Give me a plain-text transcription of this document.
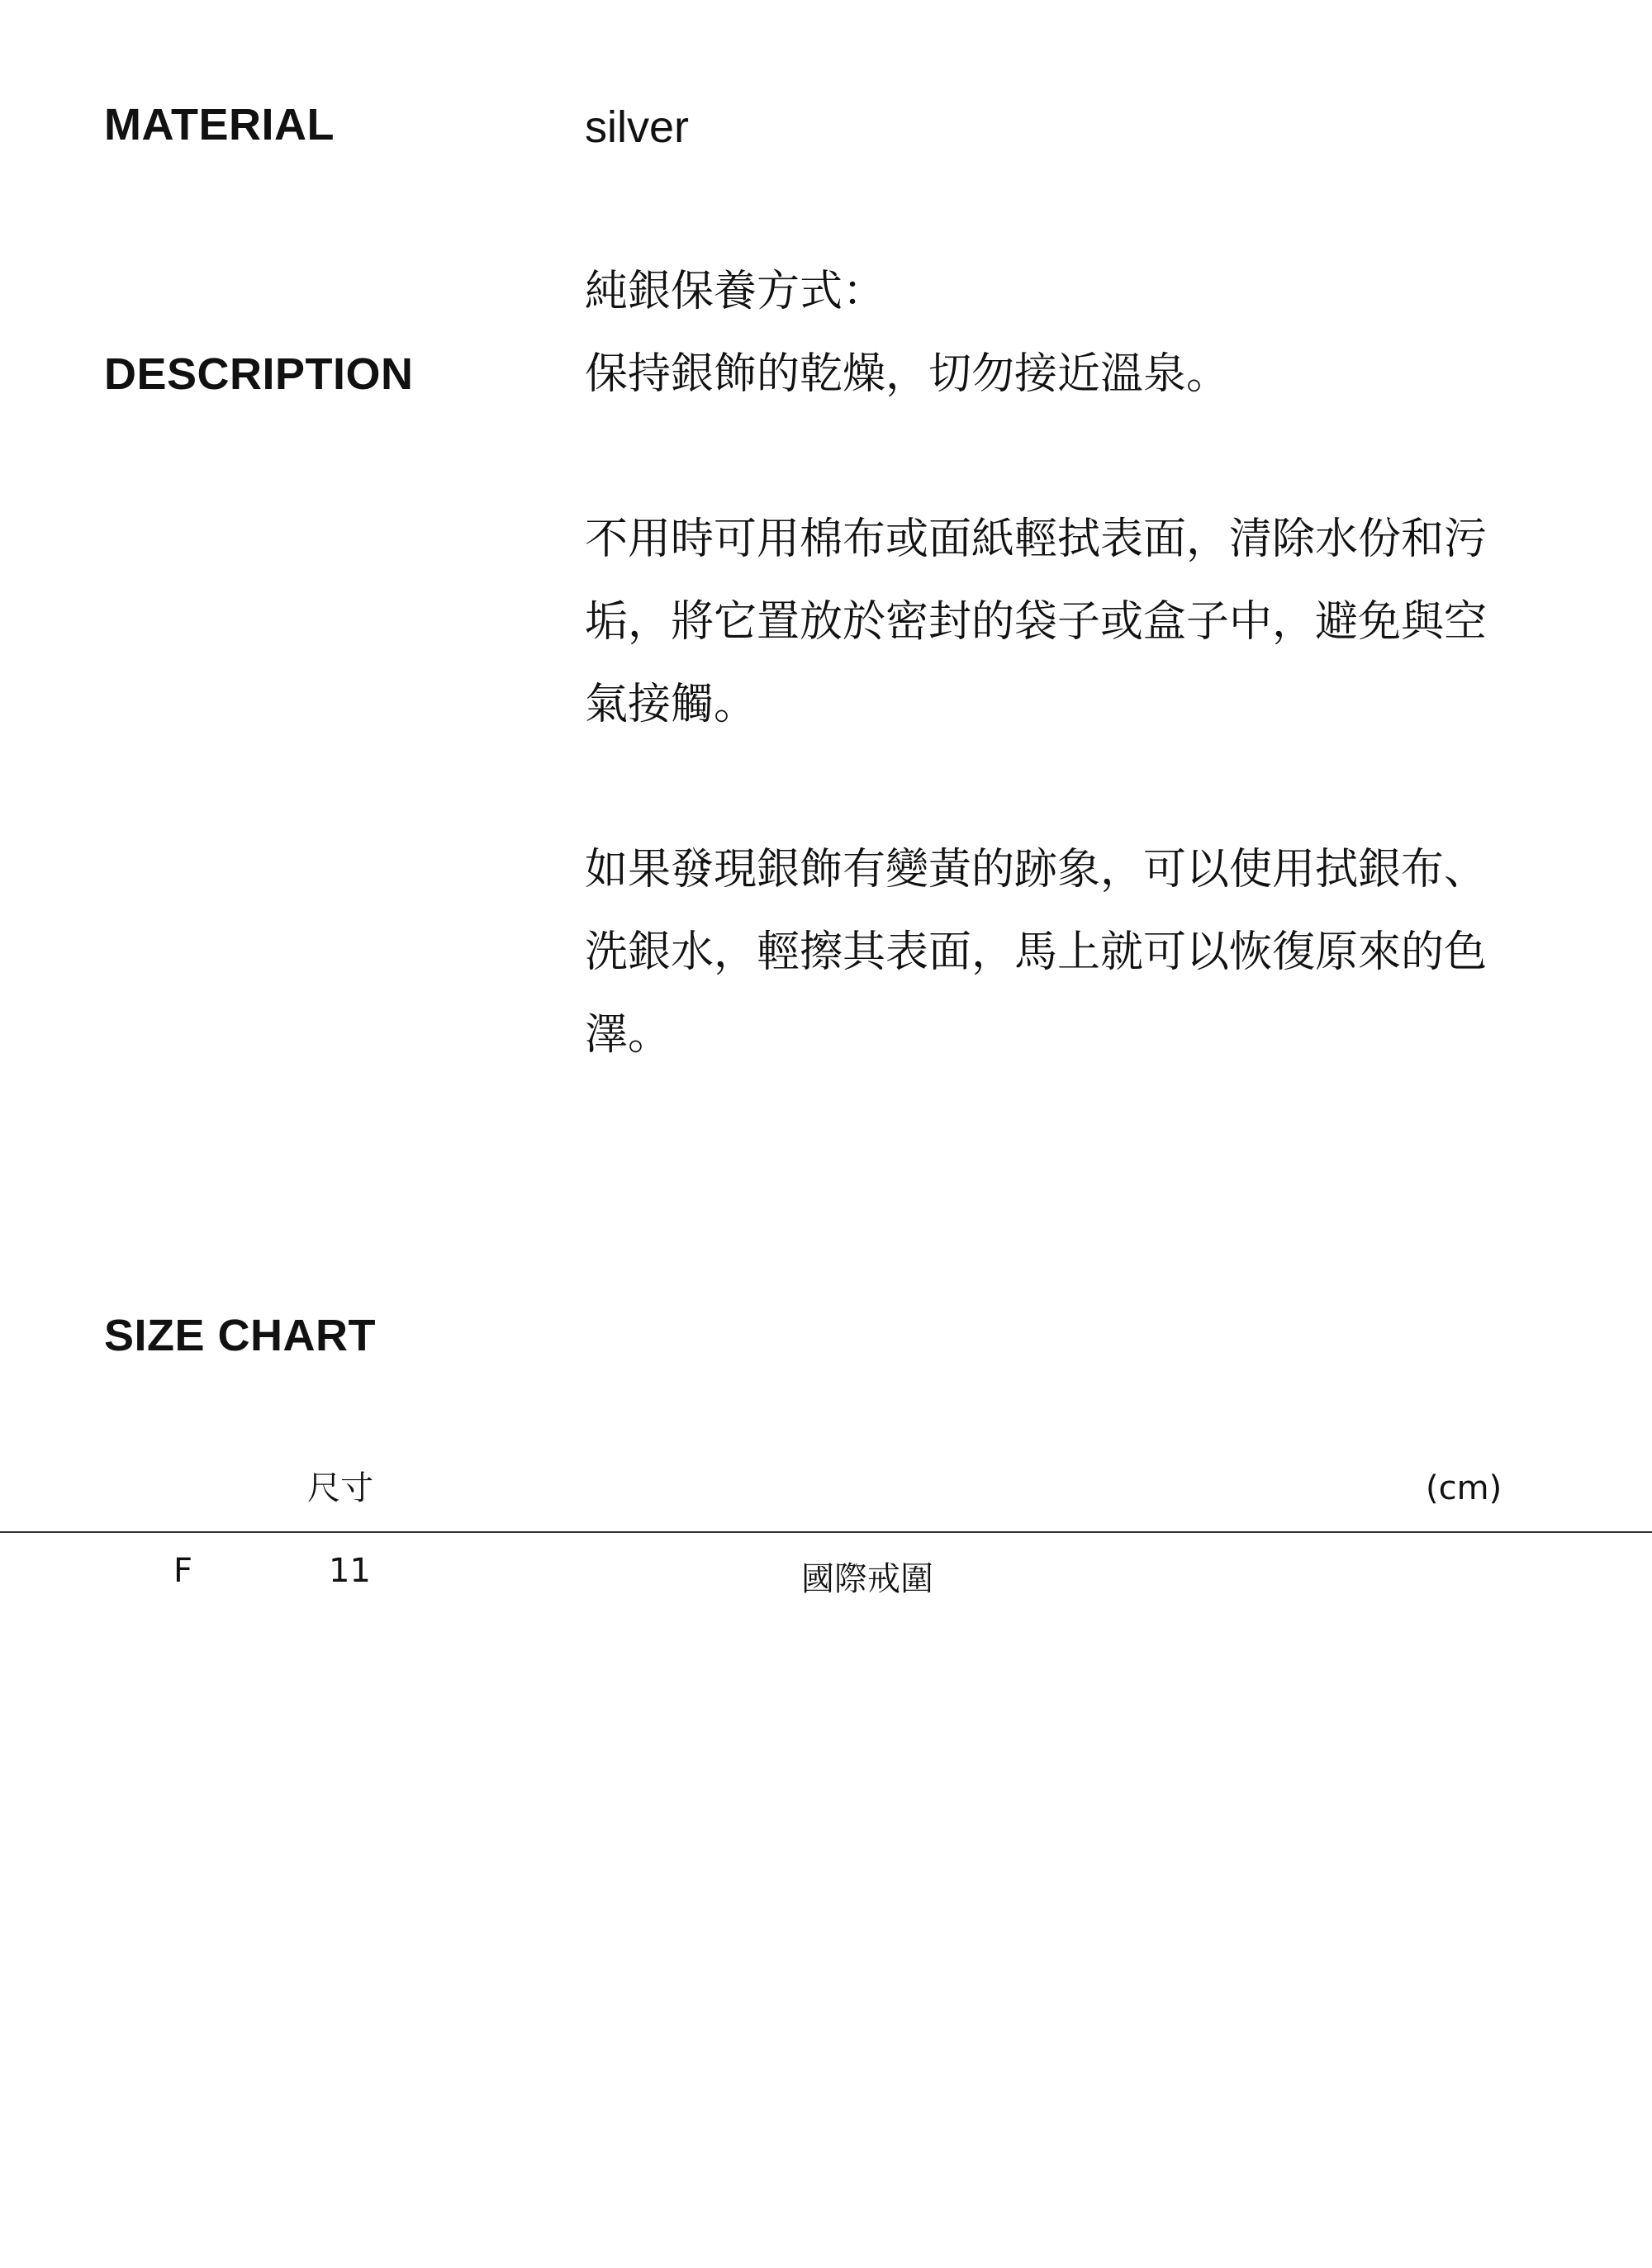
MATERIAL	silver
DESCRIPTION

純銀保養方式：

保持銀飾的乾燥，切勿接近溫泉。

不用時可用棉布或面紙輕拭表面，清除水份和污

垢，將它置放於密封的袋子或盒子中，避免與空

氣接觸。

如果發現銀飾有變黃的跡象，可以使用拭銀布、

洗銀水，輕擦其表面，馬上就可以恢復原來的色

澤。

SIZE CHART
尺寸	(cm)
F	11	國際戒圍
